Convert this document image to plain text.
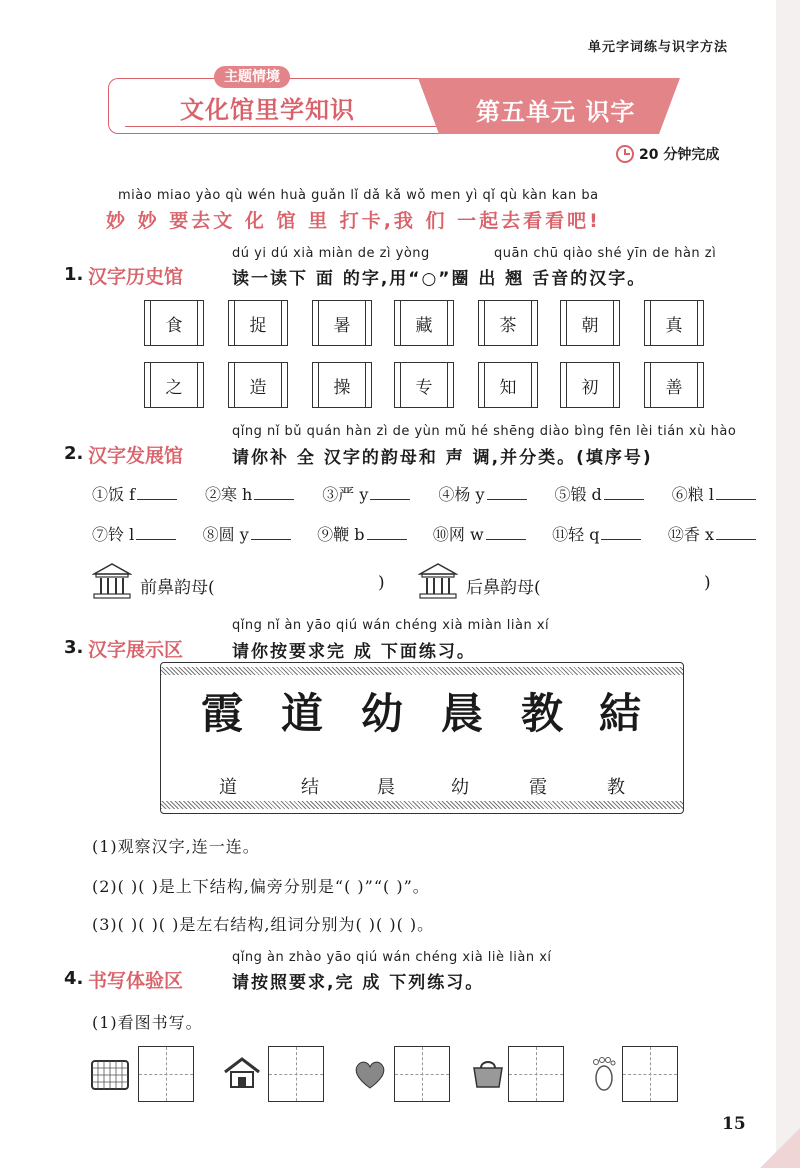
单元字词练与识字方法
主题情境
文化馆里学知识	第五单元 识字
20 分钟完成
miào miao yào qù wén huà guǎn lǐ dǎ kǎ wǒ men yì qǐ qù kàn kan ba
妙 妙 要去文 化 馆 里 打卡,我 们 一起去看看吧!
dú yi dú xià miàn de zì yòng	quān chū qiào shé yīn de hàn zì
1. 汉字历史馆	读一读下 面 的字,用“○”圈 出 翘 舌音的汉字。
食	捉	暑	藏	茶	朝	真
之	造	操	专	知	初	善
qǐng nǐ bǔ quán hàn zì de yùn mǔ hé shēng diào bìng fēn lèi tián xù hào
2. 汉字发展馆	请你补 全 汉字的韵母和 声 调,并分类。(填序号)
①饭 f	②寒 h	③严 y	④杨 y	⑤锻 d	⑥粮 l
⑦铃 l	⑧圆 y	⑨鞭 b	⑩网 w	⑪轻 q	⑫香 x
前鼻韵母(	)	后鼻韵母(	)
qǐng nǐ àn yāo qiú wán chéng xià miàn liàn xí
3. 汉字展示区	请你按要求完 成 下面练习。
霞 道 幼 晨 教 結
道	结	晨	幼	霞	教
(1)观察汉字,连一连。
(2)( )( )是上下结构,偏旁分别是“( )”“( )”。
(3)( )( )( )是左右结构,组词分别为( )( )( )。
qǐng àn zhào yāo qiú wán chéng xià liè liàn xí
4. 书写体验区	请按照要求,完 成 下列练习。
(1)看图书写。
15
